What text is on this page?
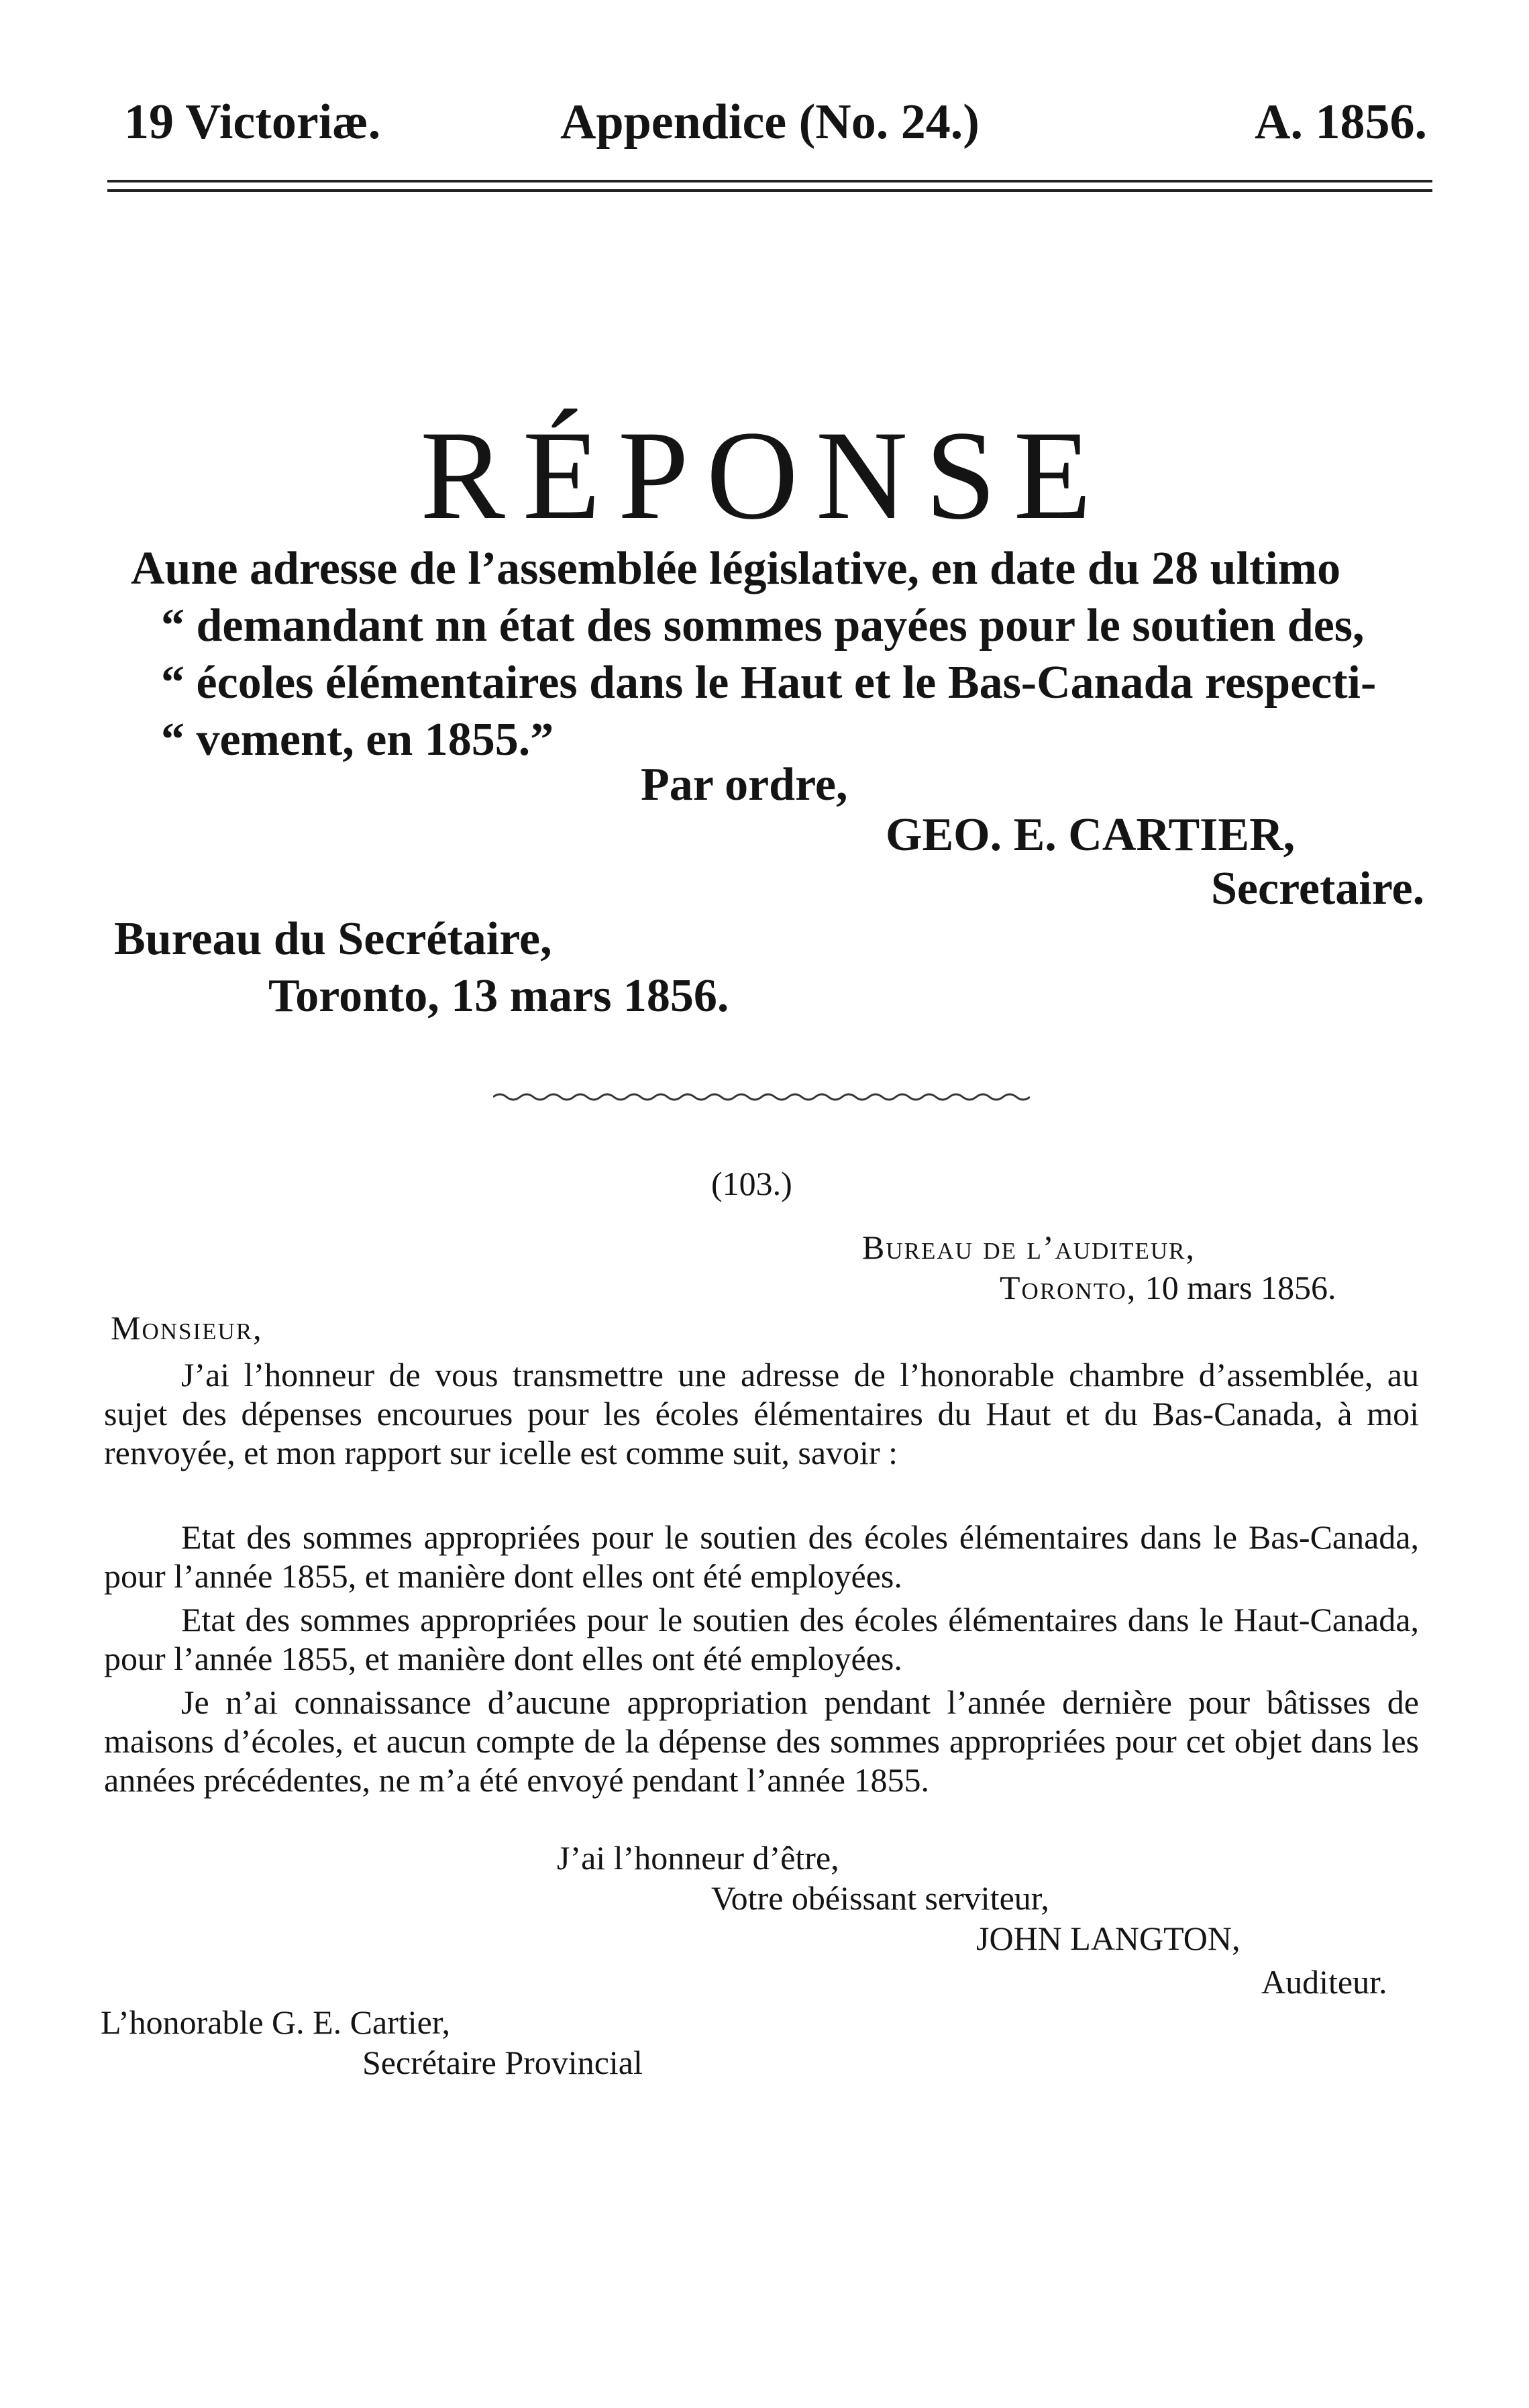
19 Victoriæ.	Appendice (No. 24.)	A. 1856.
RÉPONSE
Aune adresse de l’assemblée législative, en date du 28 ultimo
“ demandant nn état des sommes payées pour le soutien des,
“ écoles élémentaires dans le Haut et le Bas-Canada respecti-
“ vement, en 1855.”
Par ordre,
GEO. E. CARTIER,
Secretaire.
Bureau du Secrétaire,
Toronto, 13 mars 1856.
(103.)
Bureau de l’auditeur,
Toronto, 10 mars 1856.
Monsieur,
J’ai l’honneur de vous transmettre une adresse de l’honorable chambre d’assemblée, au sujet des dépenses encourues pour les écoles élémentaires du Haut et du Bas-Canada, à moi renvoyée, et mon rapport sur icelle est comme suit, savoir :
Etat des sommes appropriées pour le soutien des écoles élémentaires dans le Bas-Canada, pour l’année 1855, et manière dont elles ont été employées.
Etat des sommes appropriées pour le soutien des écoles élémentaires dans le Haut-Canada, pour l’année 1855, et manière dont elles ont été employées.
Je n’ai connaissance d’aucune appropriation pendant l’année dernière pour bâtisses de maisons d’écoles, et aucun compte de la dépense des sommes appropriées pour cet objet dans les années précédentes, ne m’a été envoyé pendant l’année 1855.
J’ai l’honneur d’être,
Votre obéissant serviteur,
JOHN LANGTON,
Auditeur.
L’honorable G. E. Cartier,
Secrétaire Provincial
